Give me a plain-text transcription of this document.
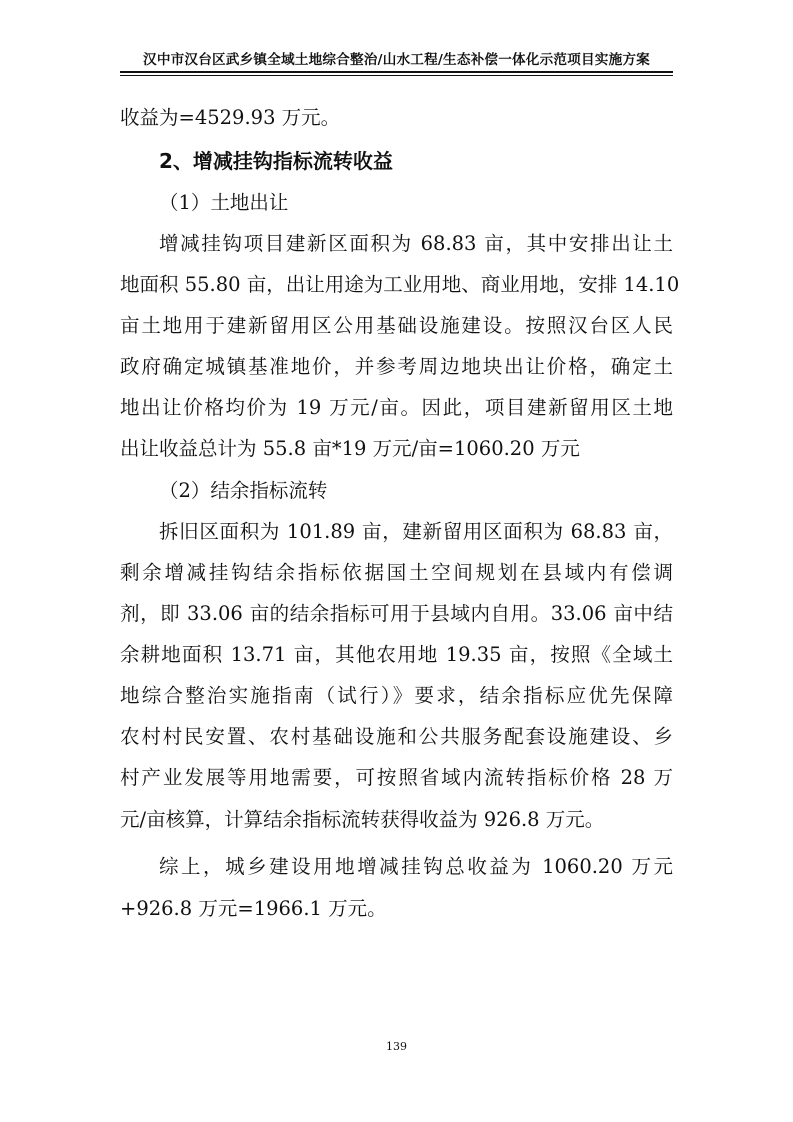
汉中市汉台区武乡镇全域土地综合整治/山水工程/生态补偿一体化示范项目实施方案
收益为=4529.93 万元。
2、增减挂钩指标流转收益
（1）土地出让
增减挂钩项目建新区面积为 68.83 亩，其中安排出让土
地面积 55.80 亩，出让用途为工业用地、商业用地，安排 14.10
亩土地用于建新留用区公用基础设施建设。按照汉台区人民
政府确定城镇基准地价，并参考周边地块出让价格，确定土
地出让价格均价为 19 万元/亩。因此，项目建新留用区土地
出让收益总计为 55.8 亩*19 万元/亩=1060.20 万元
（2）结余指标流转
拆旧区面积为 101.89 亩，建新留用区面积为 68.83 亩，
剩余增减挂钩结余指标依据国土空间规划在县域内有偿调
剂，即 33.06 亩的结余指标可用于县域内自用。33.06 亩中结
余耕地面积 13.71 亩，其他农用地 19.35 亩，按照《全域土
地综合整治实施指南（试行）》要求，结余指标应优先保障
农村村民安置、农村基础设施和公共服务配套设施建设、乡
村产业发展等用地需要，可按照省域内流转指标价格 28 万
元/亩核算，计算结余指标流转获得收益为 926.8 万元。
综上，城乡建设用地增减挂钩总收益为 1060.20 万元
+926.8 万元=1966.1 万元。
139
